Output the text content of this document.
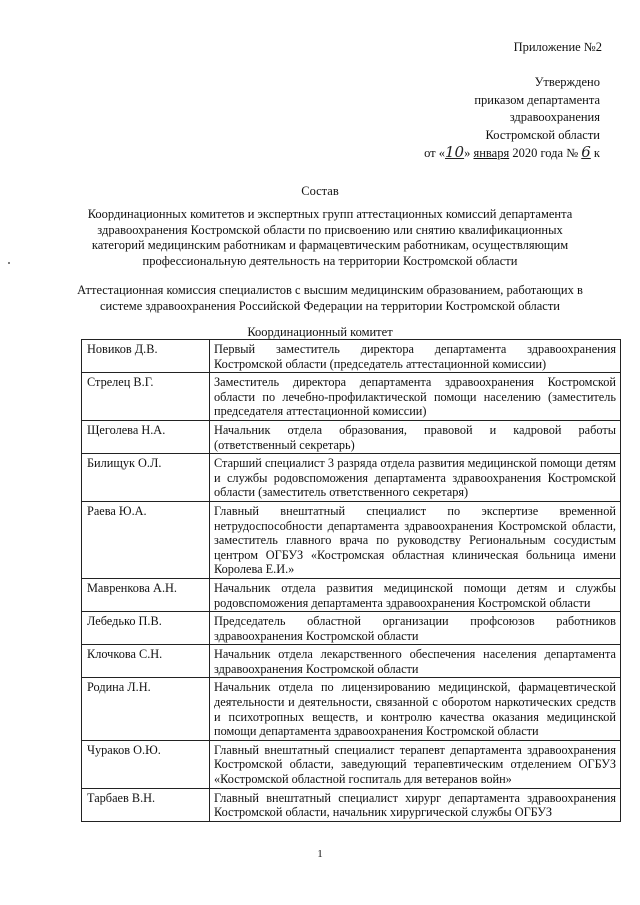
Приложение №2
Утверждено
приказом департамента
здравоохранения
Костромской области
от «10» января 2020 года № 6 к
Состав
Координационных комитетов и экспертных групп аттестационных комиссий департамента здравоохранения Костромской области по присвоению или снятию квалификационных категорий медицинским работникам и фармацевтическим работникам, осуществляющим профессиональную деятельность на территории Костромской области
Аттестационная комиссия специалистов с высшим медицинским образованием, работающих в системе здравоохранения Российской Федерации на территории Костромской области
Координационный комитет
Новиков Д.В.	Первый заместитель директора департамента здравоохранения Костромской области (председатель аттестационной комиссии)
Стрелец В.Г.	Заместитель директора департамента здравоохранения Костромской области по лечебно-профилактической помощи населению (заместитель председателя аттестационной комиссии)
Щеголева Н.А.	Начальник отдела образования, правовой и кадровой работы (ответственный секретарь)
Билищук О.Л.	Старший специалист 3 разряда отдела развития медицинской помощи детям и службы родовспоможения департамента здравоохранения Костромской области (заместитель ответственного секретаря)
Раева Ю.А.	Главный внештатный специалист по экспертизе временной нетрудоспособности департамента здравоохранения Костромской области, заместитель главного врача по руководству Региональным сосудистым центром ОГБУЗ «Костромская областная клиническая больница имени Королева Е.И.»
Мавренкова А.Н.	Начальник отдела развития медицинской помощи детям и службы родовспоможения департамента здравоохранения Костромской области
Лебедько П.В.	Председатель областной организации профсоюзов работников здравоохранения Костромской области
Клочкова С.Н.	Начальник отдела лекарственного обеспечения населения департамента здравоохранения Костромской области
Родина Л.Н.	Начальник отдела по лицензированию медицинской, фармацевтической деятельности и деятельности, связанной с оборотом наркотических средств и психотропных веществ, и контролю качества оказания медицинской помощи департамента здравоохранения Костромской области
Чураков О.Ю.	Главный внештатный специалист терапевт департамента здравоохранения Костромской области, заведующий терапевтическим отделением ОГБУЗ «Костромской областной госпиталь для ветеранов войн»
Тарбаев В.Н.	Главный внештатный специалист хирург департамента здравоохранения Костромской области, начальник хирургической службы ОГБУЗ
1
